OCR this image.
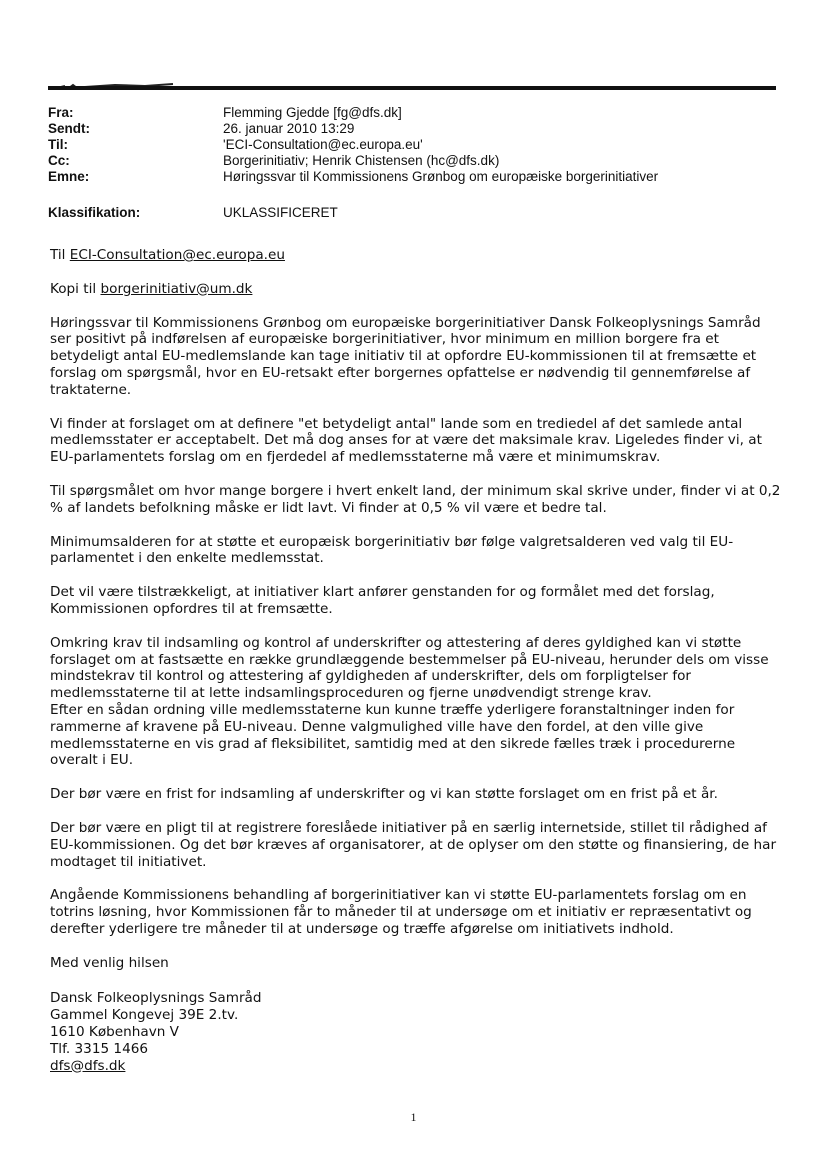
Fra:	Flemming Gjedde [fg@dfs.dk]
Sendt:	26. januar 2010 13:29
Til:	'ECI-Consultation@ec.europa.eu'
Cc:	Borgerinitiativ; Henrik Chistensen (hc@dfs.dk)
Emne:	Høringssvar til Kommissionens Grønbog om europæiske borgerinitiativer
Klassifikation:	UKLASSIFICERET

Til ECI-Consultation@ec.europa.eu

Kopi til borgerinitiativ@um.dk

Høringssvar til Kommissionens Grønbog om europæiske borgerinitiativer Dansk Folkeoplysnings Samråd ser positivt på indførelsen af europæiske borgerinitiativer, hvor minimum en million borgere fra et betydeligt antal EU-medlemslande kan tage initiativ til at opfordre EU-kommissionen til at fremsætte et forslag om spørgsmål, hvor en EU-retsakt efter borgernes opfattelse er nødvendig til gennemførelse af traktaterne.

Vi finder at forslaget om at definere "et betydeligt antal" lande som en trediedel af det samlede antal medlemsstater er acceptabelt. Det må dog anses for at være det maksimale krav. Ligeledes finder vi, at EU-parlamentets forslag om en fjerdedel af medlemsstaterne må være et minimumskrav.

Til spørgsmålet om hvor mange borgere i hvert enkelt land, der minimum skal skrive under, finder vi at 0,2 % af landets befolkning måske er lidt lavt. Vi finder at 0,5 % vil være et bedre tal.

Minimumsalderen for at støtte et europæisk borgerinitiativ bør følge valgretsalderen ved valg til EU-parlamentet i den enkelte medlemsstat.

Det vil være tilstrækkeligt, at initiativer klart anfører genstanden for og formålet med det forslag, Kommissionen opfordres til at fremsætte.

Omkring krav til indsamling og kontrol af underskrifter og attestering af deres gyldighed kan vi støtte forslaget om at fastsætte en række grundlæggende bestemmelser på EU-niveau, herunder dels om visse mindstekrav til kontrol og attestering af gyldigheden af underskrifter, dels om forpligtelser for medlemsstaterne til at lette indsamlingsproceduren og fjerne unødvendigt strenge krav.
Efter en sådan ordning ville medlemsstaterne kun kunne træffe yderligere foranstaltninger inden for rammerne af kravene på EU-niveau. Denne valgmulighed ville have den fordel, at den ville give medlemsstaterne en vis grad af fleksibilitet, samtidig med at den sikrede fælles træk i procedurerne overalt i EU.

Der bør være en frist for indsamling af underskrifter og vi kan støtte forslaget om en frist på et år.

Der bør være en pligt til at registrere foreslåede initiativer på en særlig internetside, stillet til rådighed af EU-kommissionen. Og det bør kræves af organisatorer, at de oplyser om den støtte og finansiering, de har modtaget til initiativet.

Angående Kommissionens behandling af borgerinitiativer kan vi støtte EU-parlamentets forslag om en totrins løsning, hvor Kommissionen får to måneder til at undersøge om et initiativ er repræsentativt og derefter yderligere tre måneder til at undersøge og træffe afgørelse om initiativets indhold.

Med venlig hilsen

Dansk Folkeoplysnings Samråd
Gammel Kongevej 39E 2.tv.
1610 København V
Tlf. 3315 1466
dfs@dfs.dk
1
